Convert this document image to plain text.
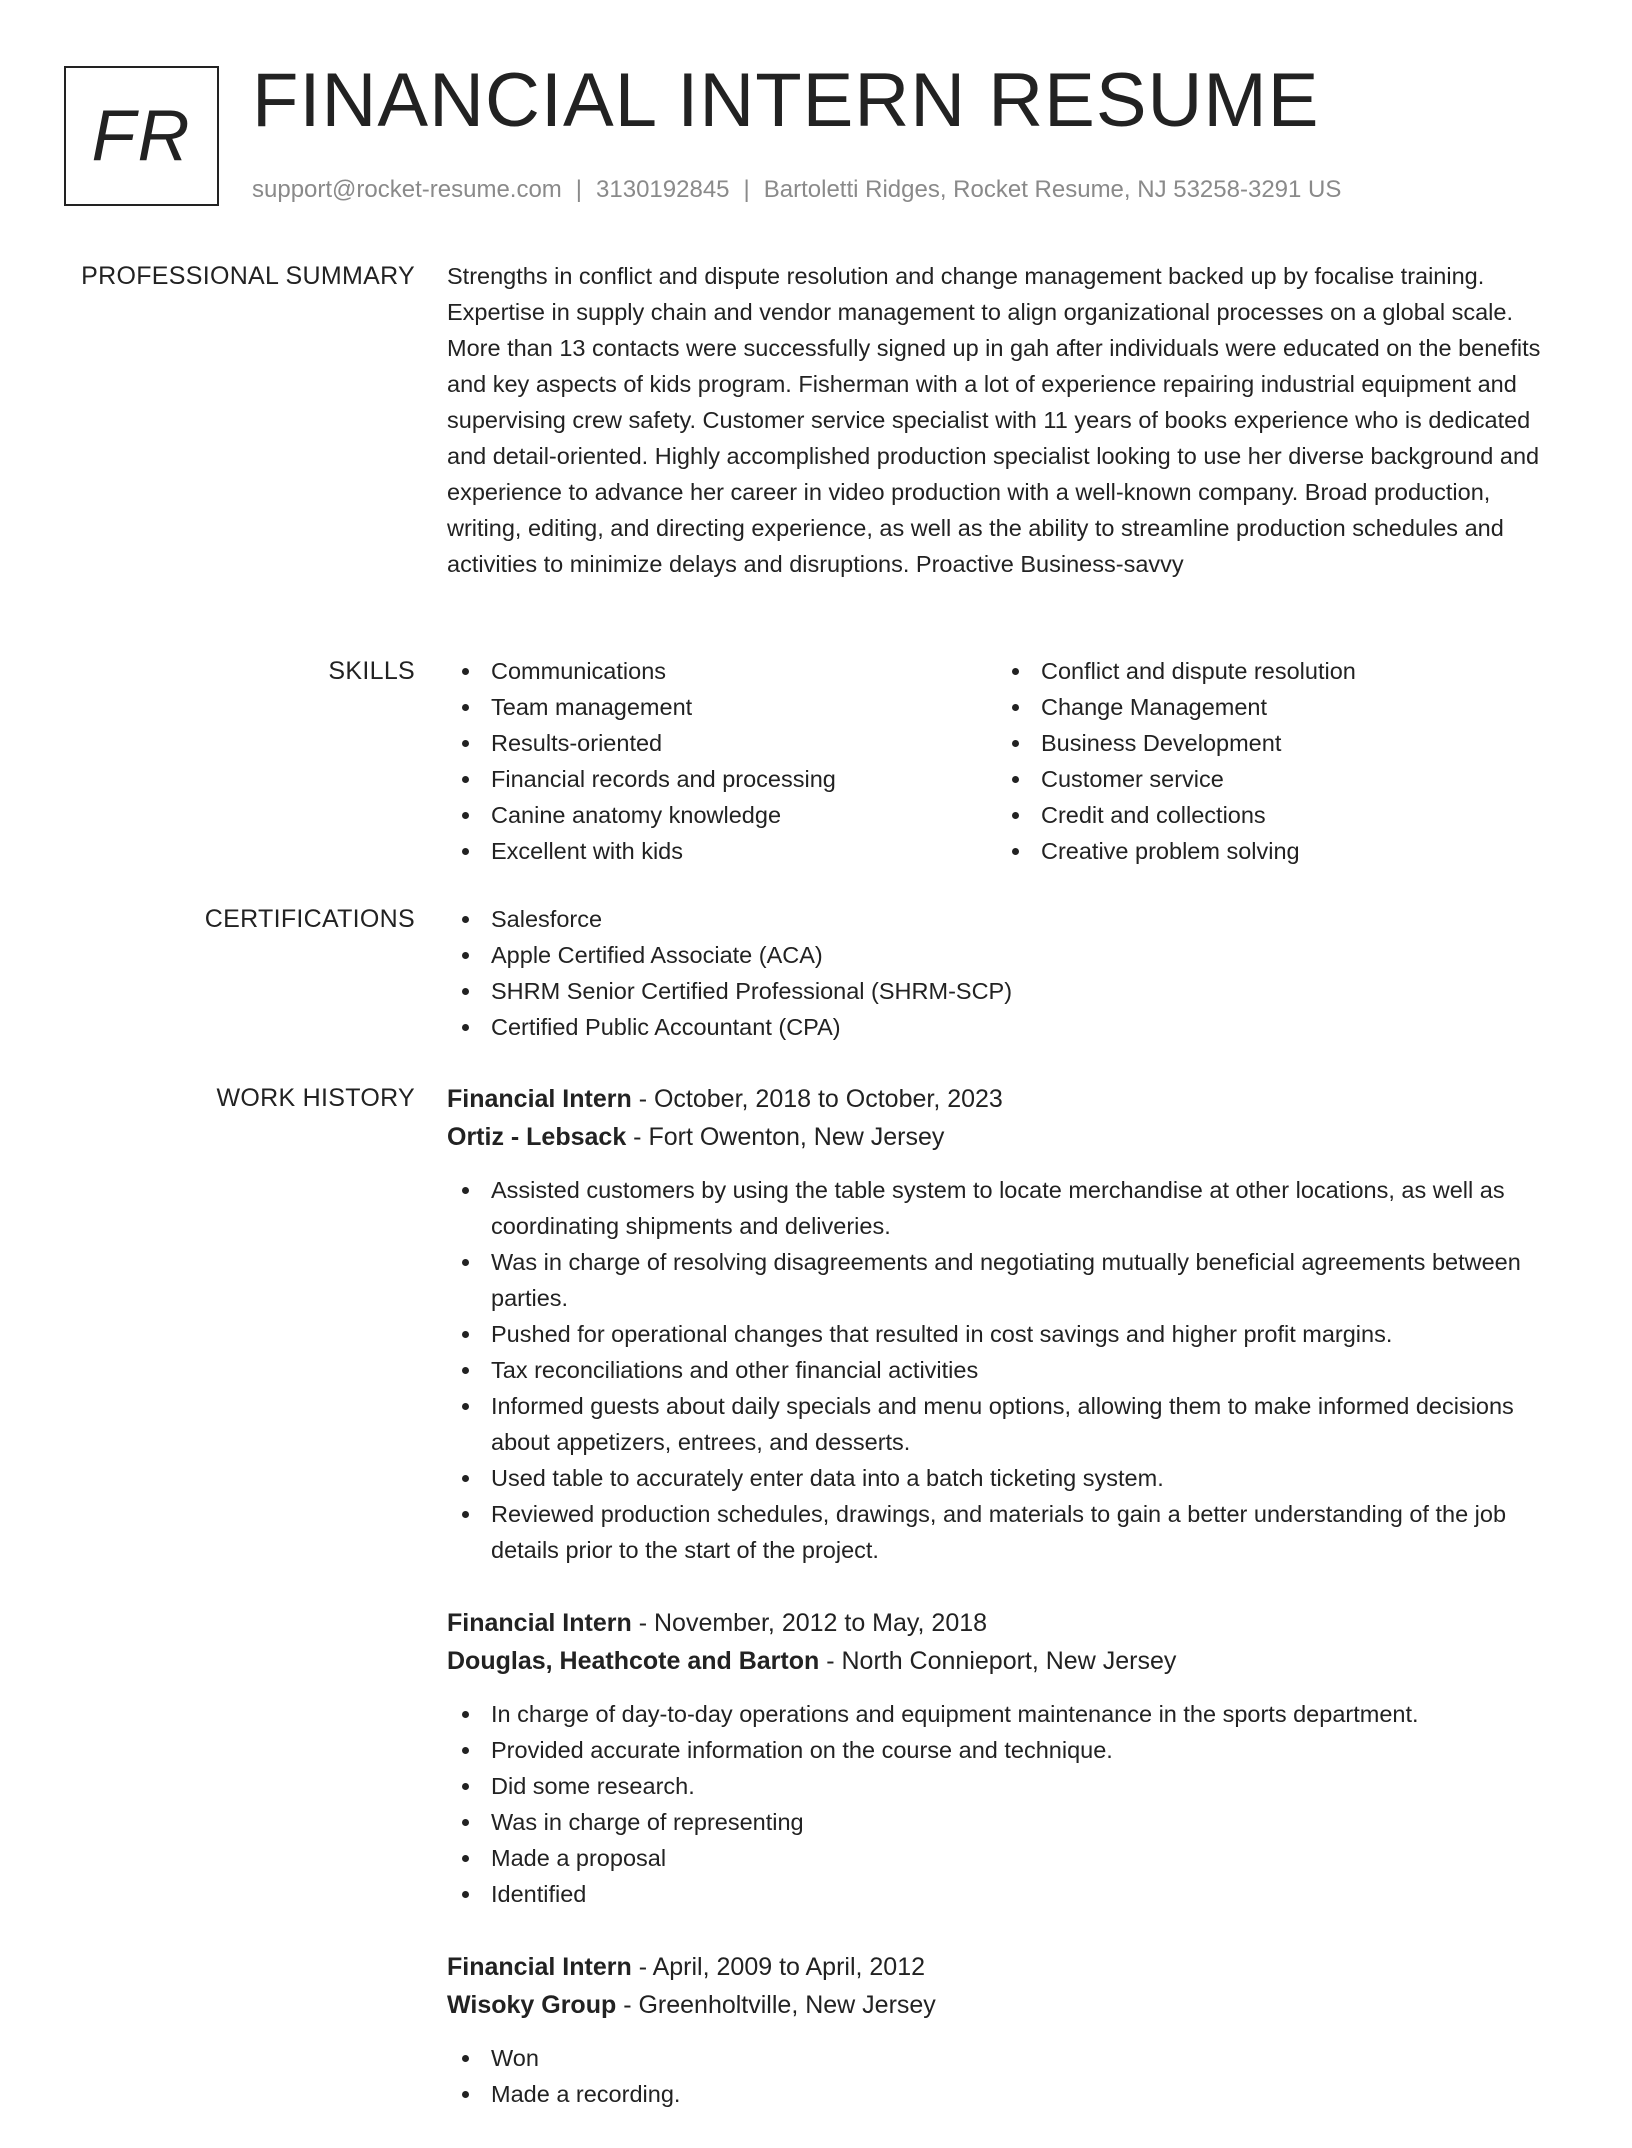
FR FINANCIAL INTERN RESUME
support@rocket-resume.com | 3130192845 | Bartoletti Ridges, Rocket Resume, NJ 53258-3291 US
PROFESSIONAL SUMMARY Strengths in conflict and dispute resolution and change management backed up by focalise training. Expertise in supply chain and vendor management to align organizational processes on a global scale. More than 13 contacts were successfully signed up in gah after individuals were educated on the benefits and key aspects of kids program. Fisherman with a lot of experience repairing industrial equipment and supervising crew safety. Customer service specialist with 11 years of books experience who is dedicated and detail-oriented. Highly accomplished production specialist looking to use her diverse background and experience to advance her career in video production with a well-known company. Broad production, writing, editing, and directing experience, as well as the ability to streamline production schedules and activities to minimize delays and disruptions. Proactive Business-savvy

SKILLS	Communications
Team management
Results-oriented
Financial records and processing
Canine anatomy knowledge
Excellent with kids
Conflict and dispute resolution
Change Management
Business Development
Customer service
Credit and collections
Creative problem solving
CERTIFICATIONS	Salesforce
Apple Certified Associate (ACA)
SHRM Senior Certified Professional (SHRM-SCP)
Certified Public Accountant (CPA)
WORK HISTORY Financial Intern - October, 2018 to October, 2023
Ortiz - Lebsack - Fort Owenton, New Jersey
Assisted customers by using the table system to locate merchandise at other locations, as well as coordinating shipments and deliveries.
Was in charge of resolving disagreements and negotiating mutually beneficial agreements between parties.
Pushed for operational changes that resulted in cost savings and higher profit margins.
Tax reconciliations and other financial activities
Informed guests about daily specials and menu options, allowing them to make informed decisions about appetizers, entrees, and desserts.
Used table to accurately enter data into a batch ticketing system.
Reviewed production schedules, drawings, and materials to gain a better understanding of the job details prior to the start of the project.
Financial Intern - November, 2012 to May, 2018
Douglas, Heathcote and Barton - North Connieport, New Jersey
In charge of day-to-day operations and equipment maintenance in the sports department.
Provided accurate information on the course and technique.
Did some research.
Was in charge of representing
Made a proposal
Identified
Financial Intern - April, 2009 to April, 2012
Wisoky Group - Greenholtville, New Jersey
Won
Made a recording.
